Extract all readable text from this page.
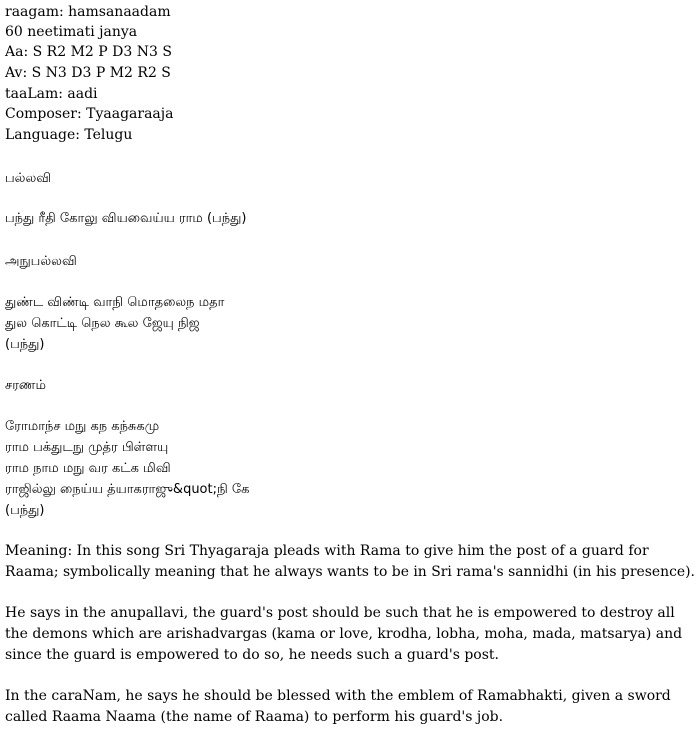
raagam: hamsanaadam
60 neetimati janya
Aa: S R2 M2 P D3 N3 S
Av: S N3 D3 P M2 R2 S
taaLam: aadi
Composer: Tyaagaraaja
Language: Telugu
பல்லவி
பந்து ரீதி கோலு வியவைய்ய ராம (பந்து)
அநுபல்லவி
துண்ட விண்டி வாநி மொதலைந மதா
துல கொட்டி நெல கூல ஜேயு நிஜ
(பந்து)
சரணம்
ரோமாந்ச மநு கந கந்சுகமு
ராம பக்துடநு முத்ர பிள்ளயு
ராம நாம மநு வர கட்க மிவி
ராஜில்லு நைய்ய த்யாகராஜு&quot;நி கே
(பந்து)
Meaning: In this song Sri Thyagaraja pleads with Rama to give him the post of a guard for
Raama; symbolically meaning that he always wants to be in Sri rama's sannidhi (in his presence).
He says in the anupallavi, the guard's post should be such that he is empowered to destroy all
the demons which are arishadvargas (kama or love, krodha, lobha, moha, mada, matsarya) and
since the guard is empowered to do so, he needs such a guard's post.
In the caraNam, he says he should be blessed with the emblem of Ramabhakti, given a sword
called Raama Naama (the name of Raama) to perform his guard's job.
